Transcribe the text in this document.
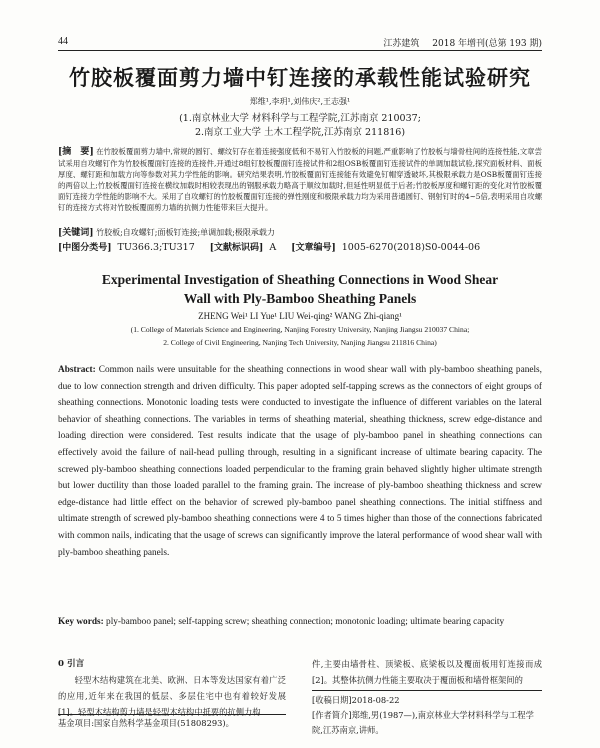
44	江苏建筑 2018 年增刊(总第 193 期)
竹胶板覆面剪力墙中钉连接的承载性能试验研究
郑维¹,李玥¹,刘伟庆²,王志强¹
(1.南京林业大学 材料科学与工程学院,江苏南京 210037;
2.南京工业大学 土木工程学院,江苏南京 211816)
[摘　要] 在竹胶板覆面剪力墙中,常规的圆钉、螺纹钉存在着连接强度低和不易钉入竹胶板的问题,严重影响了竹胶板与墙骨柱间的连接性能,文章尝试采用自攻螺钉作为竹胶板覆面钉连接的连接件,开通过8组钉胶板覆面钉连接试件和2组OSB板覆面钉连接试件的单调加载试验,探究面板材料、面板厚度、螺钉距和加载方向等参数对其力学性能的影响。研究结果表明,竹胶板覆面钉连接能有效避免钉帽穿透破坏,其极限承载力是OSB板覆面钉连接的两倍以上;竹胶板覆面钉连接在横纹加载时相较表现出的钢服承载力略高于顺纹加载时,但延性明显低于后者;竹胶板厚度和螺钉距的变化对竹胶板覆面钉连接力学性能的影响不大。采用了自攻螺钉的竹胶板覆面钉连接的弹性刚度和极限承载力均为采用普通圆钉、钢射钉时的4~5倍,表明采用自攻螺钉的连接方式将对竹胶板覆面剪力墙的抗侧力性能带来巨大提升。
[关键词] 竹胶板;自攻螺钉;面板钉连接;单调加载;极限承载力
[中图分类号] TU366.3;TU317 [文献标识码] A [文章编号] 1005-6270(2018)S0-0044-06
Experimental Investigation of Sheathing Connections in Wood Shear Wall with Ply-Bamboo Sheathing Panels
ZHENG Wei¹ LI Yue¹ LIU Wei-qing² WANG Zhi-qiang¹
(1. College of Materials Science and Engineering, Nanjing Forestry University, Nanjing Jiangsu 210037 China;
2. College of Civil Engineering, Nanjing Tech University, Nanjing Jiangsu 211816 China)
Abstract: Common nails were unsuitable for the sheathing connections in wood shear wall with ply-bamboo sheathing panels, due to low connection strength and driven difficulty. This paper adopted self-tapping screws as the connectors of eight groups of sheathing connections. Monotonic loading tests were conducted to investigate the influence of different variables on the lateral behavior of sheathing connections. The variables in terms of sheathing material, sheathing thickness, screw edge-distance and loading direction were considered. Test results indicate that the usage of ply-bamboo panel in sheathing connections can effectively avoid the failure of nail-head pulling through, resulting in a significant increase of ultimate bearing capacity. The screwed ply-bamboo sheathing connections loaded perpendicular to the framing grain behaved slightly higher ultimate strength but lower ductility than those loaded parallel to the framing grain. The increase of ply-bamboo sheathing thickness and screw edge-distance had little effect on the behavior of screwed ply-bamboo panel sheathing connections. The initial stiffness and ultimate strength of screwed ply-bamboo sheathing connections were 4 to 5 times higher than those of the connections fabricated with common nails, indicating that the usage of screws can significantly improve the lateral performance of wood shear wall with ply-bamboo sheathing panels.
Key words: ply-bamboo panel; self-tapping screw; sheathing connection; monotonic loading; ultimate bearing capacity
0 引言

轻型木结构建筑在北美、欧洲、日本等发达国家有着广泛的应用,近年来在我国的低层、多层住宅中也有着较好发展[1]。轻型木结构剪力墙是轻型木结构中抵要的抗侧力构

基金项目:国家自然科学基金项目(51808293)。
件,主要由墙骨柱、顶梁板、底梁板以及覆面板用钉连接而成[2]。其整体抗侧力性能主要取决于覆面板和墙骨框架间的
[收稿日期]2018-08-22
[作者简介]郑维,男(1987—),南京林业大学材料科学与工程学院,江苏南京,讲师。
